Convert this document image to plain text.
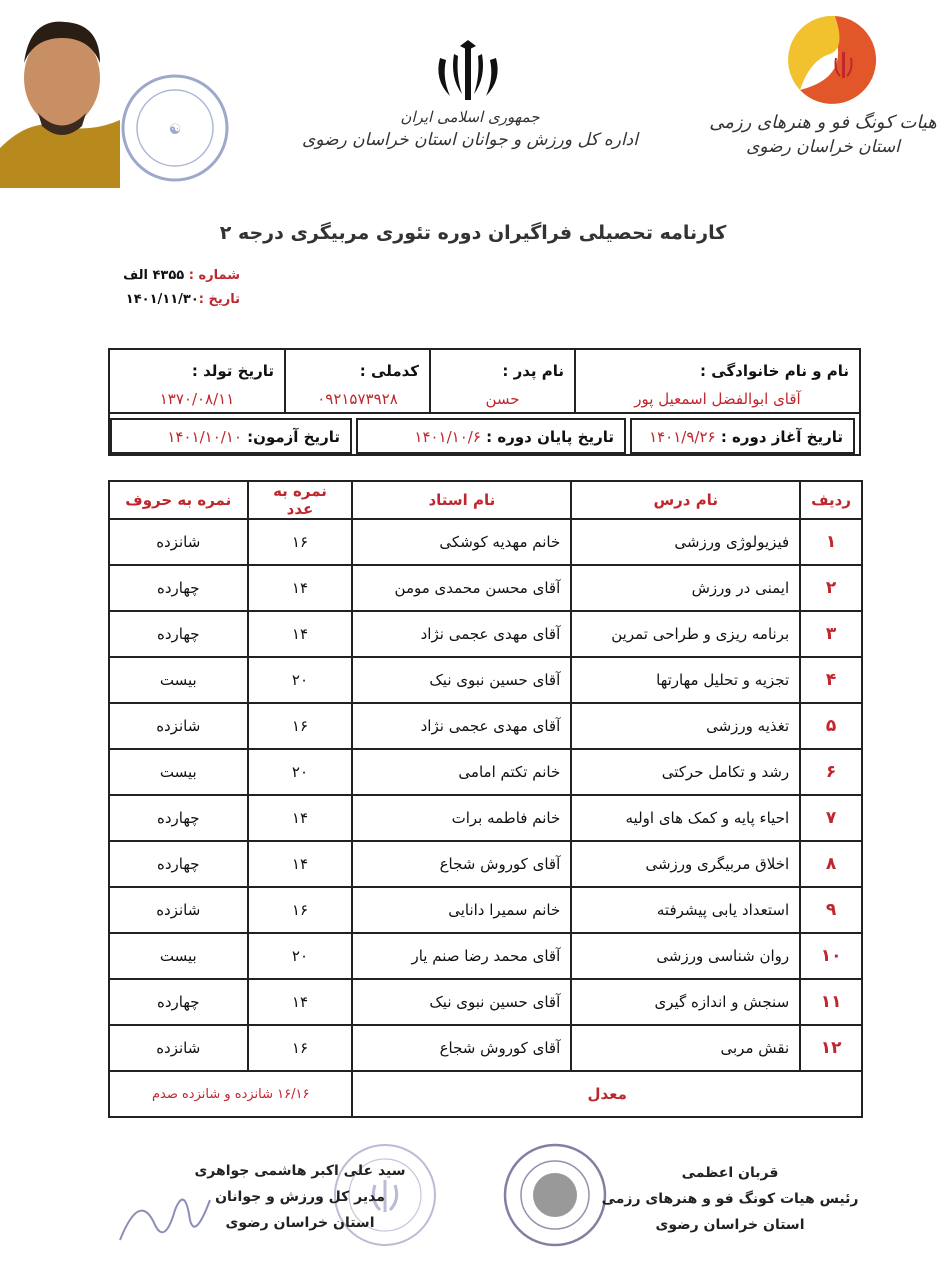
☯
جمهوری اسلامی ایران
اداره کل ورزش و جوانان استان خراسان رضوی
هیات کونگ فو و هنرهای رزمی
استان خراسان رضوی
کارنامه تحصیلی فراگیران دوره تئوری مربیگری درجه ۲
شماره : ۴۳۵۵ الف
تاریخ :۱۴۰۱/۱۱/۳۰
نام و نام خانوادگی :
آقای ابوالفضل اسمعیل پور
نام پدر :
حسن
کدملی :
۰۹۲۱۵۷۳۹۲۸
تاریخ تولد :
۱۳۷۰/۰۸/۱۱
تاریخ آغاز دوره : ۱۴۰۱/۹/۲۶
تاریخ پایان دوره : ۱۴۰۱/۱۰/۶
تاریخ آزمون: ۱۴۰۱/۱۰/۱۰
ردیف	نام درس	نام استاد	نمره به عدد	نمره به حروف
۱	فیزیولوژی ورزشی	خانم مهدیه کوشکی	۱۶	شانزده
۲	ایمنی در ورزش	آقای محسن محمدی مومن	۱۴	چهارده
۳	برنامه ریزی و طراحی تمرین	آقای مهدی عجمی نژاد	۱۴	چهارده
۴	تجزیه و تحلیل مهارتها	آقای حسین نبوی نیک	۲۰	بیست
۵	تغذیه ورزشی	آقای مهدی عجمی نژاد	۱۶	شانزده
۶	رشد و تکامل حرکتی	خانم تکتم امامی	۲۰	بیست
۷	احیاء پایه و کمک های اولیه	خانم فاطمه برات	۱۴	چهارده
۸	اخلاق مربیگری ورزشی	آقای کوروش شجاع	۱۴	چهارده
۹	استعداد یابی پیشرفته	خانم سمیرا دانایی	۱۶	شانزده
۱۰	روان شناسی ورزشی	آقای محمد رضا صنم یار	۲۰	بیست
۱۱	سنجش و اندازه گیری	آقای حسین نبوی نیک	۱۴	چهارده
۱۲	نقش مربی	آقای کوروش شجاع	۱۶	شانزده
معدل			۱۶/۱۶ شانزده و شانزده صدم	
قربان اعظمی
رئیس هیات کونگ فو و هنرهای رزمی
استان خراسان رضوی
سید علی اکبر هاشمی جواهری
مدیر کل ورزش و جوانان
استان خراسان رضوی
